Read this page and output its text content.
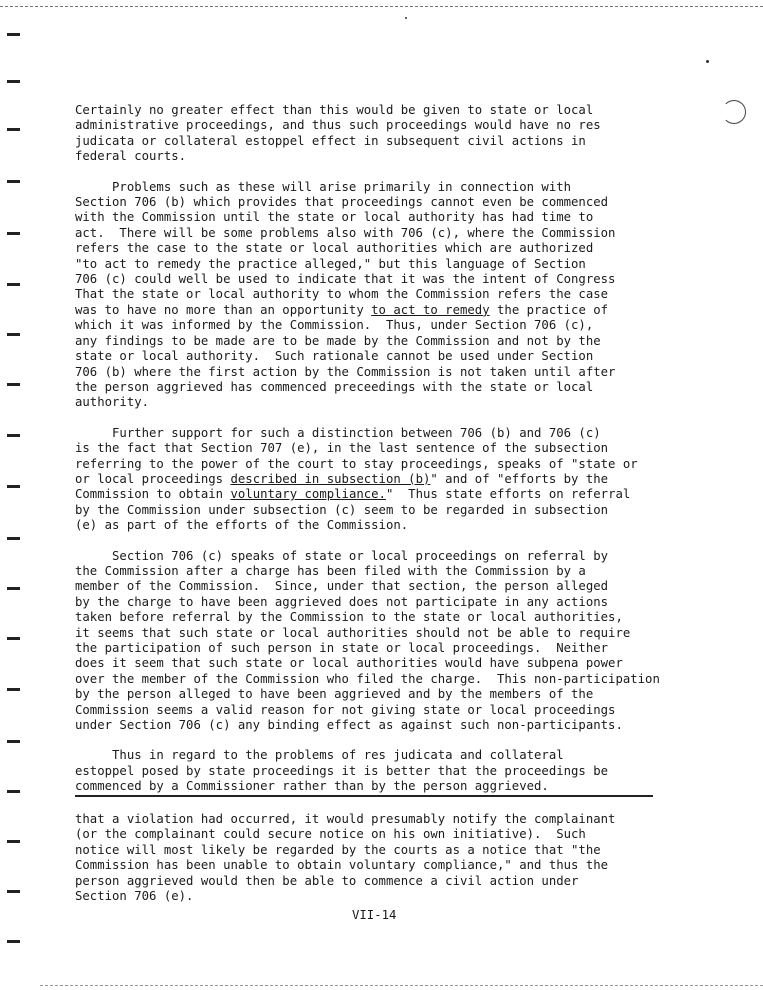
Certainly no greater effect than this would be given to state or local
administrative proceedings, and thus such proceedings would have no res
judicata or collateral estoppel effect in subsequent civil actions in
federal courts.
Problems such as these will arise primarily in connection with
Section 706 (b) which provides that proceedings cannot even be commenced
with the Commission until the state or local authority has had time to
act.  There will be some problems also with 706 (c), where the Commission
refers the case to the state or local authorities which are authorized
"to act to remedy the practice alleged," but this language of Section
706 (c) could well be used to indicate that it was the intent of Congress
That the state or local authority to whom the Commission refers the case
was to have no more than an opportunity to act to remedy the practice of
which it was informed by the Commission.  Thus, under Section 706 (c),
any findings to be made are to be made by the Commission and not by the
state or local authority.  Such rationale cannot be used under Section
706 (b) where the first action by the Commission is not taken until after
the person aggrieved has commenced preceedings with the state or local
authority.
Further support for such a distinction between 706 (b) and 706 (c)
is the fact that Section 707 (e), in the last sentence of the subsection
referring to the power of the court to stay proceedings, speaks of "state or
or local proceedings described in subsection (b)" and of "efforts by the
Commission to obtain voluntary compliance."  Thus state efforts on referral
by the Commission under subsection (c) seem to be regarded in subsection
(e) as part of the efforts of the Commission.
Section 706 (c) speaks of state or local proceedings on referral by
the Commission after a charge has been filed with the Commission by a
member of the Commission.  Since, under that section, the person alleged
by the charge to have been aggrieved does not participate in any actions
taken before referral by the Commission to the state or local authorities,
it seems that such state or local authorities should not be able to require
the participation of such person in state or local proceedings.  Neither
does it seem that such state or local authorities would have subpena power
over the member of the Commission who filed the charge.  This non-participation
by the person alleged to have been aggrieved and by the members of the
Commission seems a valid reason for not giving state or local proceedings
under Section 706 (c) any binding effect as against such non-participants.
Thus in regard to the problems of res judicata and collateral
estoppel posed by state proceedings it is better that the proceedings be
commenced by a Commissioner rather than by the person aggrieved.
that a violation had occurred, it would presumably notify the complainant
(or the complainant could secure notice on his own initiative).  Such
notice will most likely be regarded by the courts as a notice that "the
Commission has been unable to obtain voluntary compliance," and thus the
person aggrieved would then be able to commence a civil action under
Section 706 (e).
VII-14
